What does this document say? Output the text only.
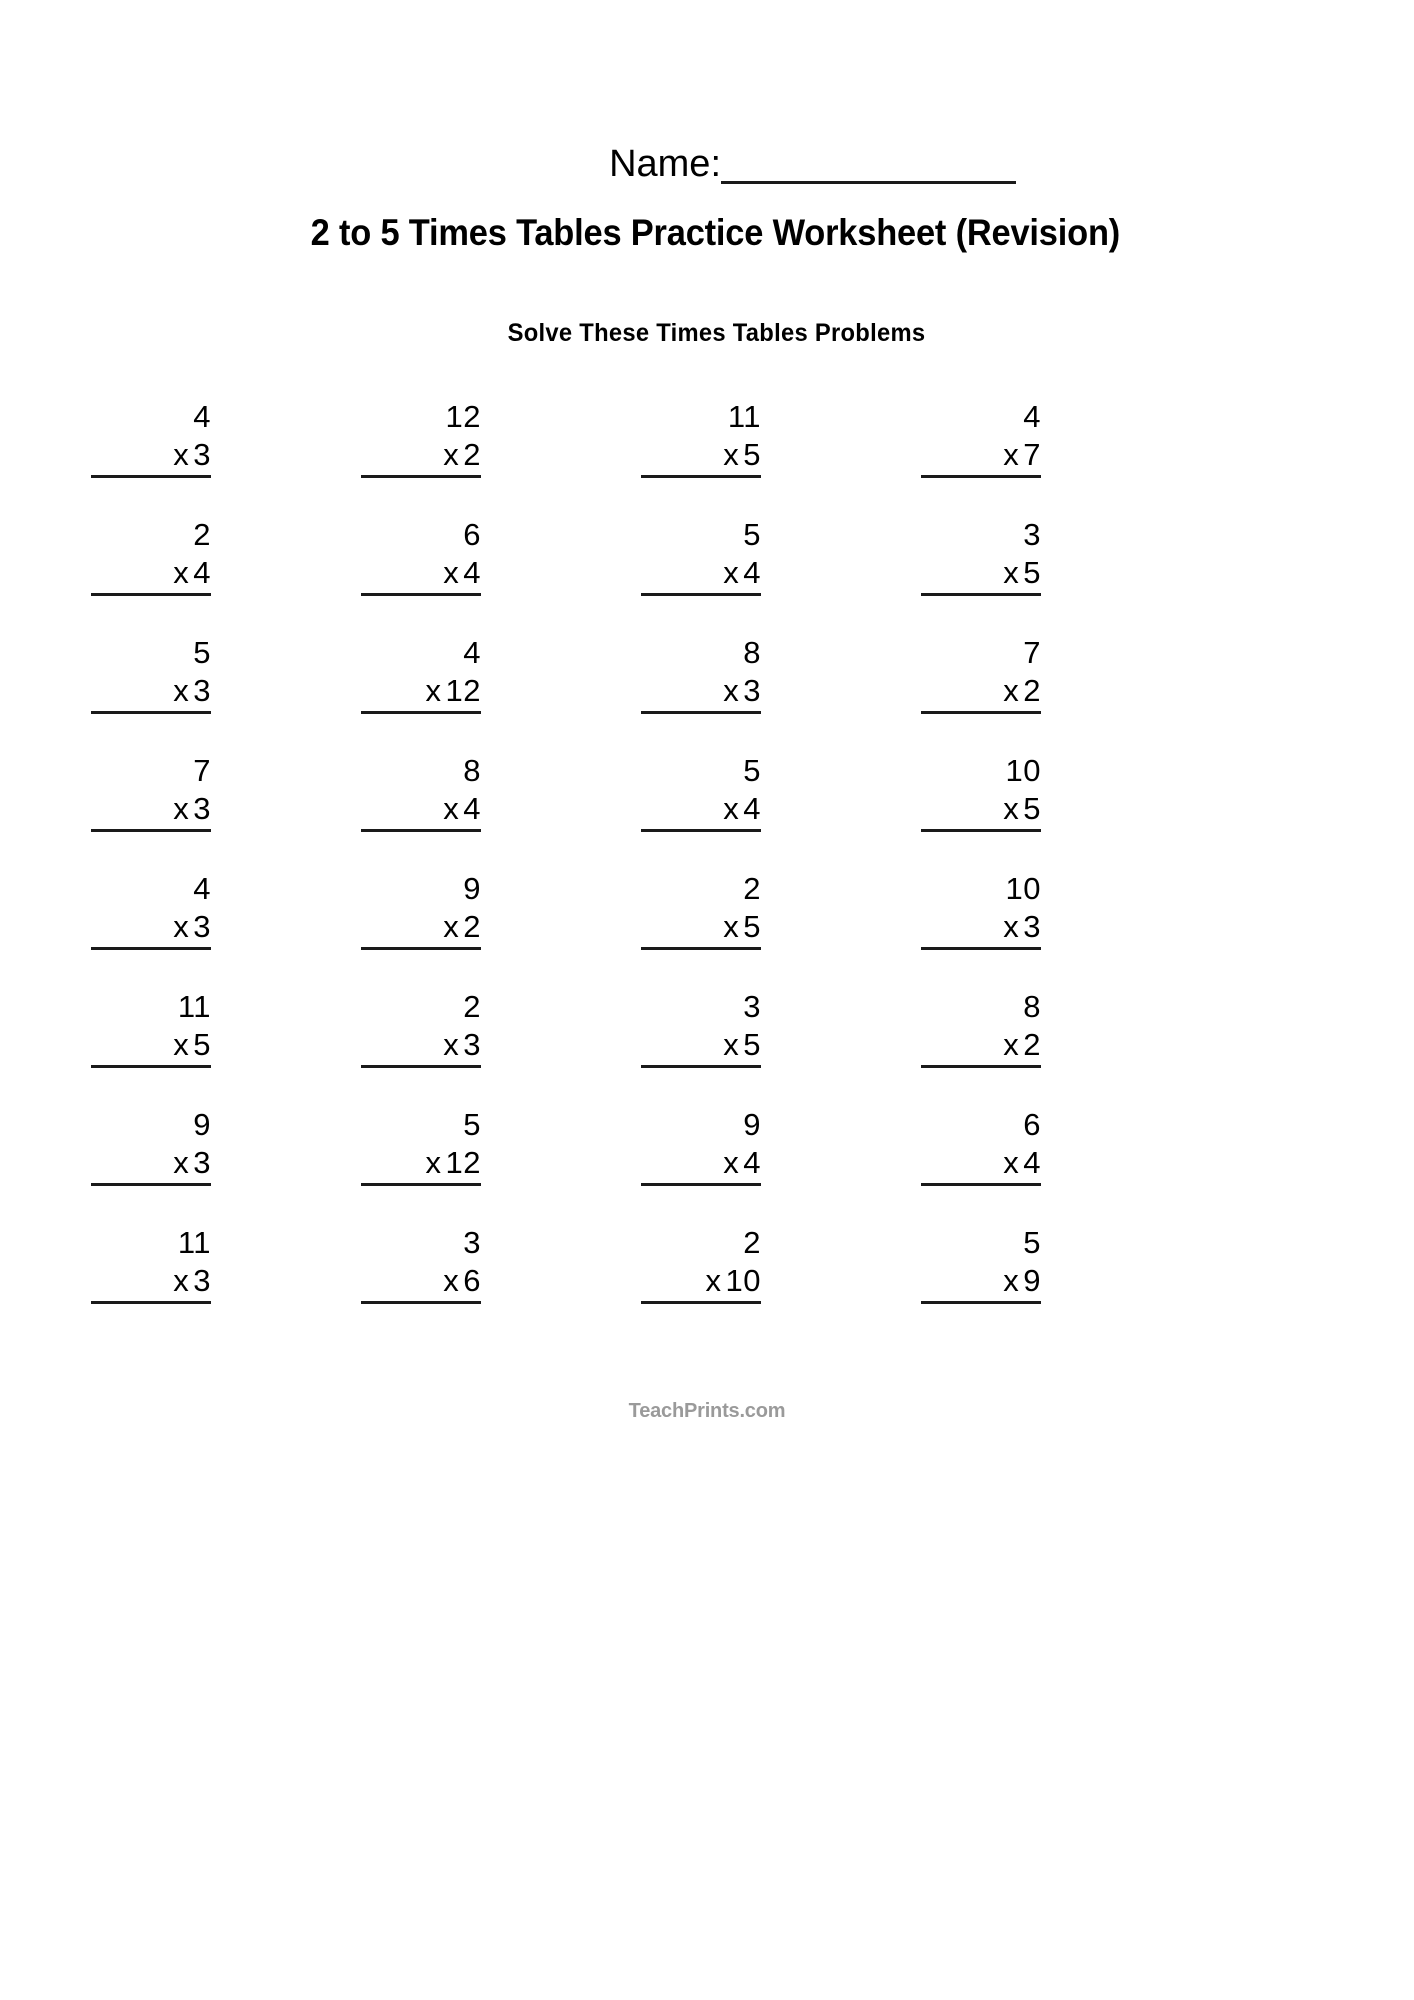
Name:
2 to 5 Times Tables Practice Worksheet (Revision)
Solve These Times Tables Problems
4
x 3
12
x 2
11
x 5
4
x 7
2
x 4
6
x 4
5
x 4
3
x 5
5
x 3
4
x 12
8
x 3
7
x 2
7
x 3
8
x 4
5
x 4
10
x 5
4
x 3
9
x 2
2
x 5
10
x 3
11
x 5
2
x 3
3
x 5
8
x 2
9
x 3
5
x 12
9
x 4
6
x 4
11
x 3
3
x 6
2
x 10
5
x 9
TeachPrints.com
